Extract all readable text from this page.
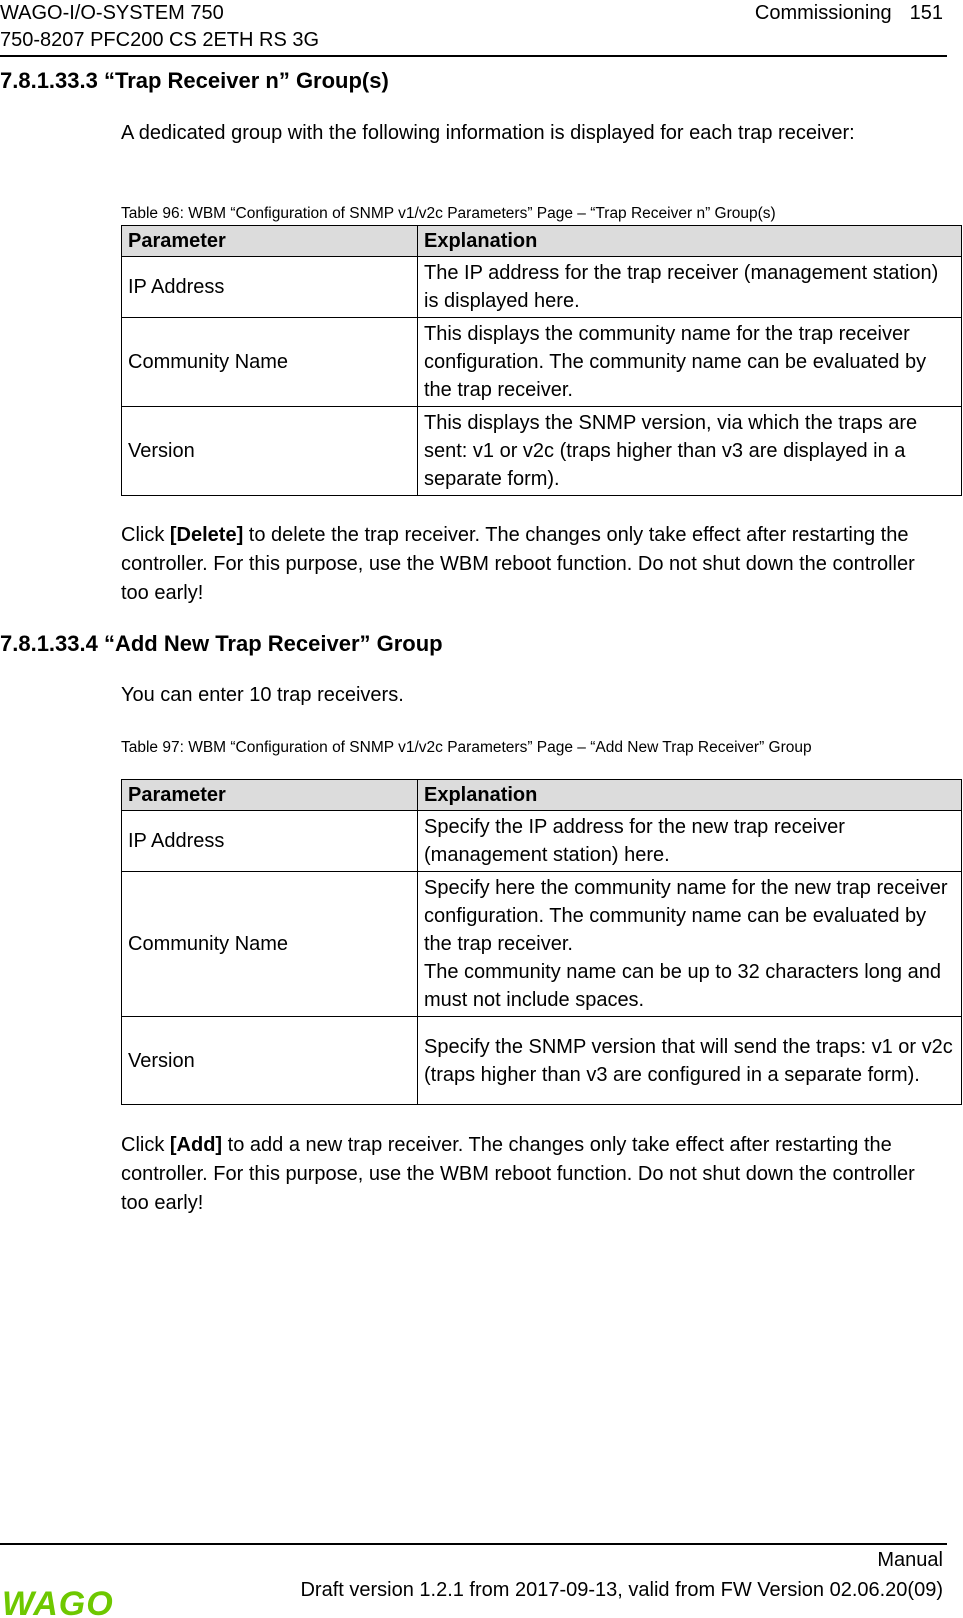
WAGO-I/O-SYSTEM 750
750-8207 PFC200 CS 2ETH RS 3G
Commissioning 151
7.8.1.33.3 “Trap Receiver n” Group(s)
A dedicated group with the following information is displayed for each trap receiver:
Table 96: WBM “Configuration of SNMP v1/v2c Parameters” Page – “Trap Receiver n” Group(s)
Parameter	Explanation
IP Address	The IP address for the trap receiver (management station) is displayed here.
Community Name	This displays the community name for the trap receiver configuration. The community name can be evaluated by the trap receiver.
Version	This displays the SNMP version, via which the traps are sent: v1 or v2c (traps higher than v3 are displayed in a separate form).
Click [Delete] to delete the trap receiver. The changes only take effect after restarting the controller. For this purpose, use the WBM reboot function. Do not shut down the controller too early!
7.8.1.33.4 “Add New Trap Receiver” Group
You can enter 10 trap receivers.
Table 97: WBM “Configuration of SNMP v1/v2c Parameters” Page – “Add New Trap Receiver” Group
Parameter	Explanation
IP Address	Specify the IP address for the new trap receiver (management station) here.
Community Name	Specify here the community name for the new trap receiver configuration. The community name can be evaluated by the trap receiver.
The community name can be up to 32 characters long and must not include spaces.

Version	Specify the SNMP version that will send the traps: v1 or v2c (traps higher than v3 are configured in a separate form).
Click [Add] to add a new trap receiver. The changes only take effect after restarting the controller. For this purpose, use the WBM reboot function. Do not shut down the controller too early!
Manual
Draft version 1.2.1 from 2017-09-13, valid from FW Version 02.06.20(09)
WAGO
